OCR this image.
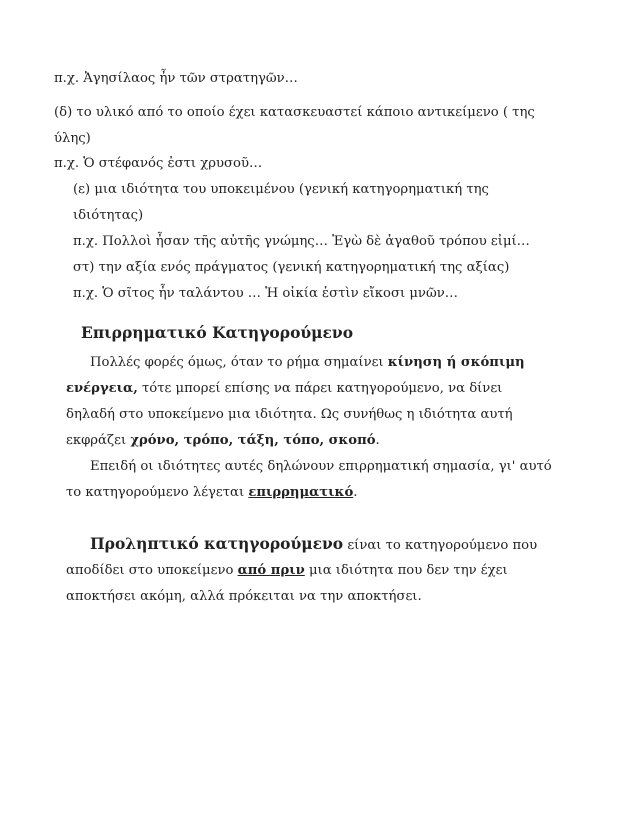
π.χ. Ἀγησίλαος ἦν τῶν στρατηγῶν…
(δ) το υλικό από το οποίο έχει κατασκευαστεί κάποιο αντικείμενο ( της
ύλης)
π.χ. Ὁ στέφανός ἐστι χρυσοῦ…
(ε) μια ιδιότητα του υποκειμένου (γενική κατηγορηματική της
ιδιότητας)
π.χ. Πολλοὶ ἦσαν τῆς αὐτῆς γνώμης… Ἐγὼ δὲ ἀγαθοῦ τρόπου εἰμί…
στ) την αξία ενός πράγματος (γενική κατηγορηματική της αξίας)
π.χ. Ὁ σῖτος ἦν ταλάντου … Ἡ οἰκία ἐστὶν εἴκοσι μνῶν…
Επιρρηματικό Κατηγορούμενο
Πολλές φορές όμως, όταν το ρήμα σημαίνει κίνηση ή σκόπιμη
ενέργεια, τότε μπορεί επίσης να πάρει κατηγορούμενο, να δίνει
δηλαδή στο υποκείμενο μια ιδιότητα. Ως συνήθως η ιδιότητα αυτή
εκφράζει χρόνο, τρόπο, τάξη, τόπο, σκοπό.
Επειδή οι ιδιότητες αυτές δηλώνουν επιρρηματική σημασία, γι' αυτό
το κατηγορούμενο λέγεται επιρρηματικό.
Προληπτικό κατηγορούμενο είναι το κατηγορούμενο που
αποδίδει στο υποκείμενο από πριν μια ιδιότητα που δεν την έχει
αποκτήσει ακόμη, αλλά πρόκειται να την αποκτήσει.
